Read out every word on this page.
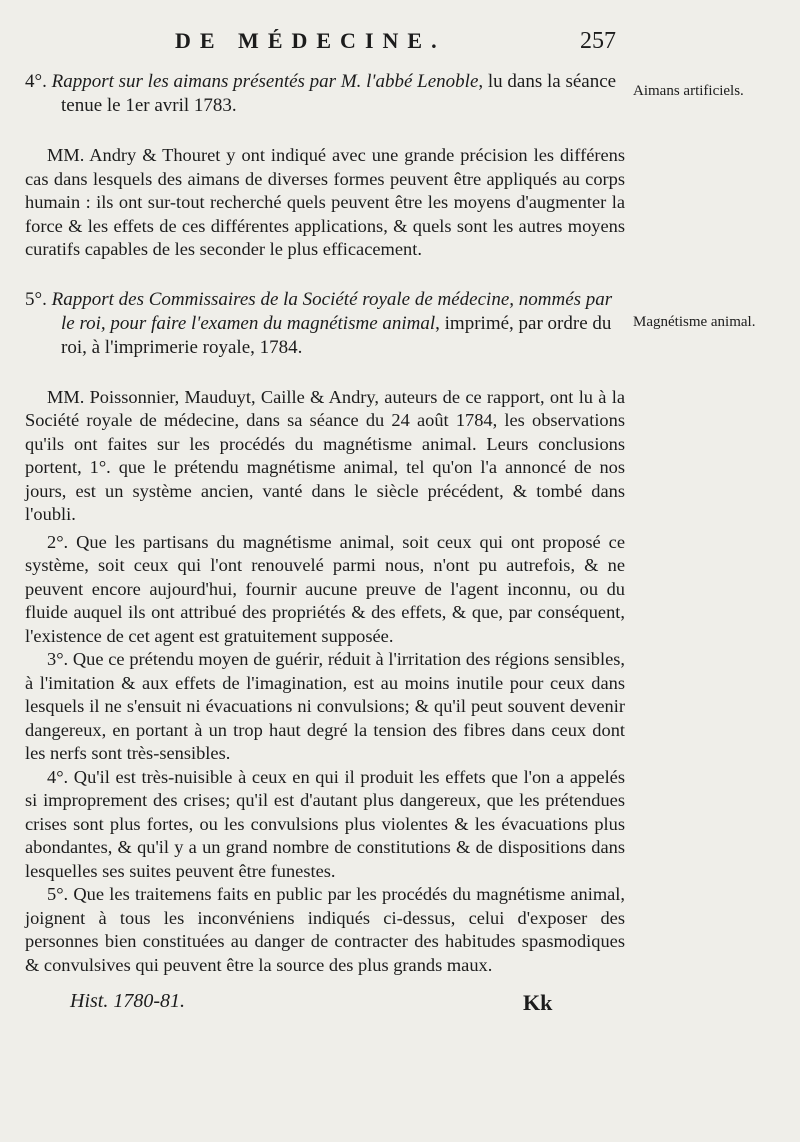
DE MÉDECINE.	257
Aimans artificiels.
Magnétisme animal.

4°. Rapport sur les aimans présentés par M. l'abbé Lenoble, lu dans la séance tenue le 1er avril 1783.

MM. Andry & Thouret y ont indiqué avec une grande précision les différens cas dans lesquels des aimans de diverses formes peuvent être appliqués au corps humain : ils ont sur-tout recherché quels peuvent être les moyens d'augmenter la force & les effets de ces différentes applications, & quels sont les autres moyens curatifs capables de les seconder le plus efficacement.

5°. Rapport des Commissaires de la Société royale de médecine, nommés par le roi, pour faire l'examen du magnétisme animal, imprimé, par ordre du roi, à l'imprimerie royale, 1784.

MM. Poissonnier, Mauduyt, Caille & Andry, auteurs de ce rapport, ont lu à la Société royale de médecine, dans sa séance du 24 août 1784, les observations qu'ils ont faites sur les procédés du magnétisme animal. Leurs conclusions portent, 1°. que le prétendu magnétisme animal, tel qu'on l'a annoncé de nos jours, est un système ancien, vanté dans le siècle précédent, & tombé dans l'oubli.

2°. Que les partisans du magnétisme animal, soit ceux qui ont proposé ce système, soit ceux qui l'ont renouvelé parmi nous, n'ont pu autrefois, & ne peuvent encore aujourd'hui, fournir aucune preuve de l'agent inconnu, ou du fluide auquel ils ont attribué des propriétés & des effets, & que, par conséquent, l'existence de cet agent est gratuitement supposée.

3°. Que ce prétendu moyen de guérir, réduit à l'irritation des régions sensibles, à l'imitation & aux effets de l'imagination, est au moins inutile pour ceux dans lesquels il ne s'ensuit ni évacuations ni convulsions; & qu'il peut souvent devenir dangereux, en portant à un trop haut degré la tension des fibres dans ceux dont les nerfs sont très-sensibles.

4°. Qu'il est très-nuisible à ceux en qui il produit les effets que l'on a appelés si improprement des crises; qu'il est d'autant plus dangereux, que les prétendues crises sont plus fortes, ou les convulsions plus violentes & les évacuations plus abondantes, & qu'il y a un grand nombre de constitutions & de dispositions dans lesquelles ses suites peuvent être funestes.

5°. Que les traitemens faits en public par les procédés du magnétisme animal, joignent à tous les inconvéniens indiqués ci-dessus, celui d'exposer des personnes bien constituées au danger de contracter des habitudes spasmodiques & convulsives qui peuvent être la source des plus grands maux.

Hist. 1780-81.	Kk
